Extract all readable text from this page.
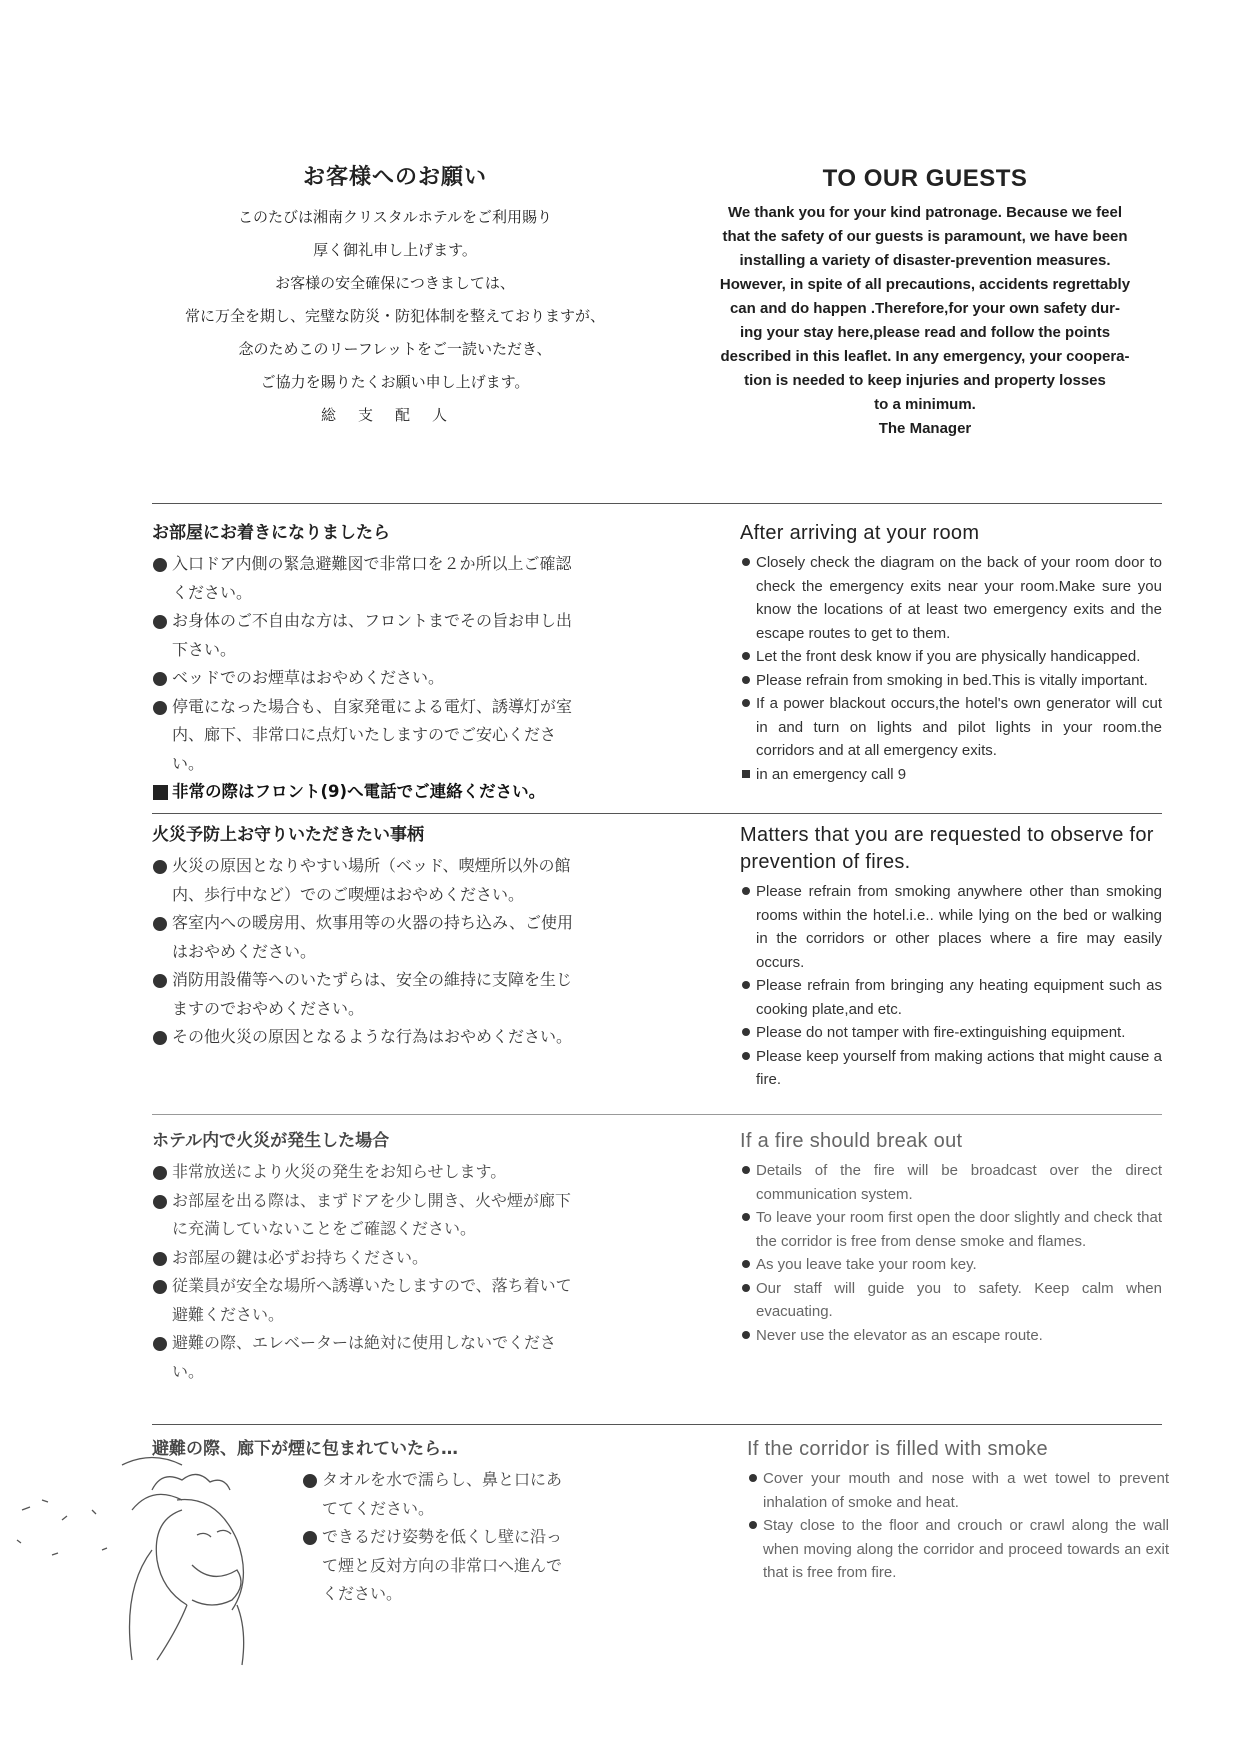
お客様へのお願い
このたびは湘南クリスタルホテルをご利用賜り
厚く御礼申し上げます。
お客様の安全確保につきましては、
常に万全を期し、完璧な防災・防犯体制を整えておりますが、
念のためこのリーフレットをご一読いただき、
ご協力を賜りたくお願い申し上げます。
総支配人
TO OUR GUESTS
We thank you for your kind patronage. Because we feel
that the safety of our guests is paramount, we have been
installing a variety of disaster-prevention measures.
However, in spite of all precautions, accidents regrettably
can and do happen .Therefore,for your own safety dur-
ing your stay here,please read and follow the points
described in this leaflet. In any emergency, your coopera-
tion is needed to keep injuries and property losses
to a minimum.
The Manager
お部屋にお着きになりましたら
入口ドア内側の緊急避難図で非常口を２か所以上ご確認ください。
お身体のご不自由な方は、フロントまでその旨お申し出下さい。
ベッドでのお煙草はおやめください。
停電になった場合も、自家発電による電灯、誘導灯が室内、廊下、非常口に点灯いたしますのでご安心ください。
非常の際はフロント(9)へ電話でご連絡ください。
After arriving at your room
Closely check the diagram on the back of your room door to check the emergency exits near your room.Make sure you know the locations of at least two emergency exits and the escape routes to get to them.
Let the front desk know if you are physically handicapped.
Please refrain from smoking in bed.This is vitally important.
If a power blackout occurs,the hotel's own generator will cut in and turn on lights and pilot lights in your room.the corridors and at all emergency exits.
in an emergency call 9
火災予防上お守りいただきたい事柄
火災の原因となりやすい場所（ベッド、喫煙所以外の館内、歩行中など）でのご喫煙はおやめください。
客室内への暖房用、炊事用等の火器の持ち込み、ご使用はおやめください。
消防用設備等へのいたずらは、安全の維持に支障を生じますのでおやめください。
その他火災の原因となるような行為はおやめください。
Matters that you are requested to observe for prevention of fires.
Please refrain from smoking anywhere other than smoking rooms within the hotel.i.e.. while lying on the bed or walking in the corridors or other places where a fire may easily occurs.
Please refrain from bringing any heating equipment such as cooking plate,and etc.
Please do not tamper with fire-extinguishing equipment.
Please keep yourself from making actions that might cause a fire.
ホテル内で火災が発生した場合
非常放送により火災の発生をお知らせします。
お部屋を出る際は、まずドアを少し開き、火や煙が廊下に充満していないことをご確認ください。
お部屋の鍵は必ずお持ちください。
従業員が安全な場所へ誘導いたしますので、落ち着いて避難ください。
避難の際、エレベーターは絶対に使用しないでください。
If a fire should break out
Details of the fire will be broadcast over the direct communication system.
To leave your room first open the door slightly and check that the corridor is free from dense smoke and flames.
As you leave take your room key.
Our staff will guide you to safety. Keep calm when evacuating.
Never use the elevator as an escape route.
避難の際、廊下が煙に包まれていたら…
タオルを水で濡らし、鼻と口にあててください。
できるだけ姿勢を低くし壁に沿って煙と反対方向の非常口へ進んでください。
If the corridor is filled with smoke
Cover your mouth and nose with a wet towel to prevent inhalation of smoke and heat.
Stay close to the floor and crouch or crawl along the wall when moving along the corridor and proceed towards an exit that is free from fire.
